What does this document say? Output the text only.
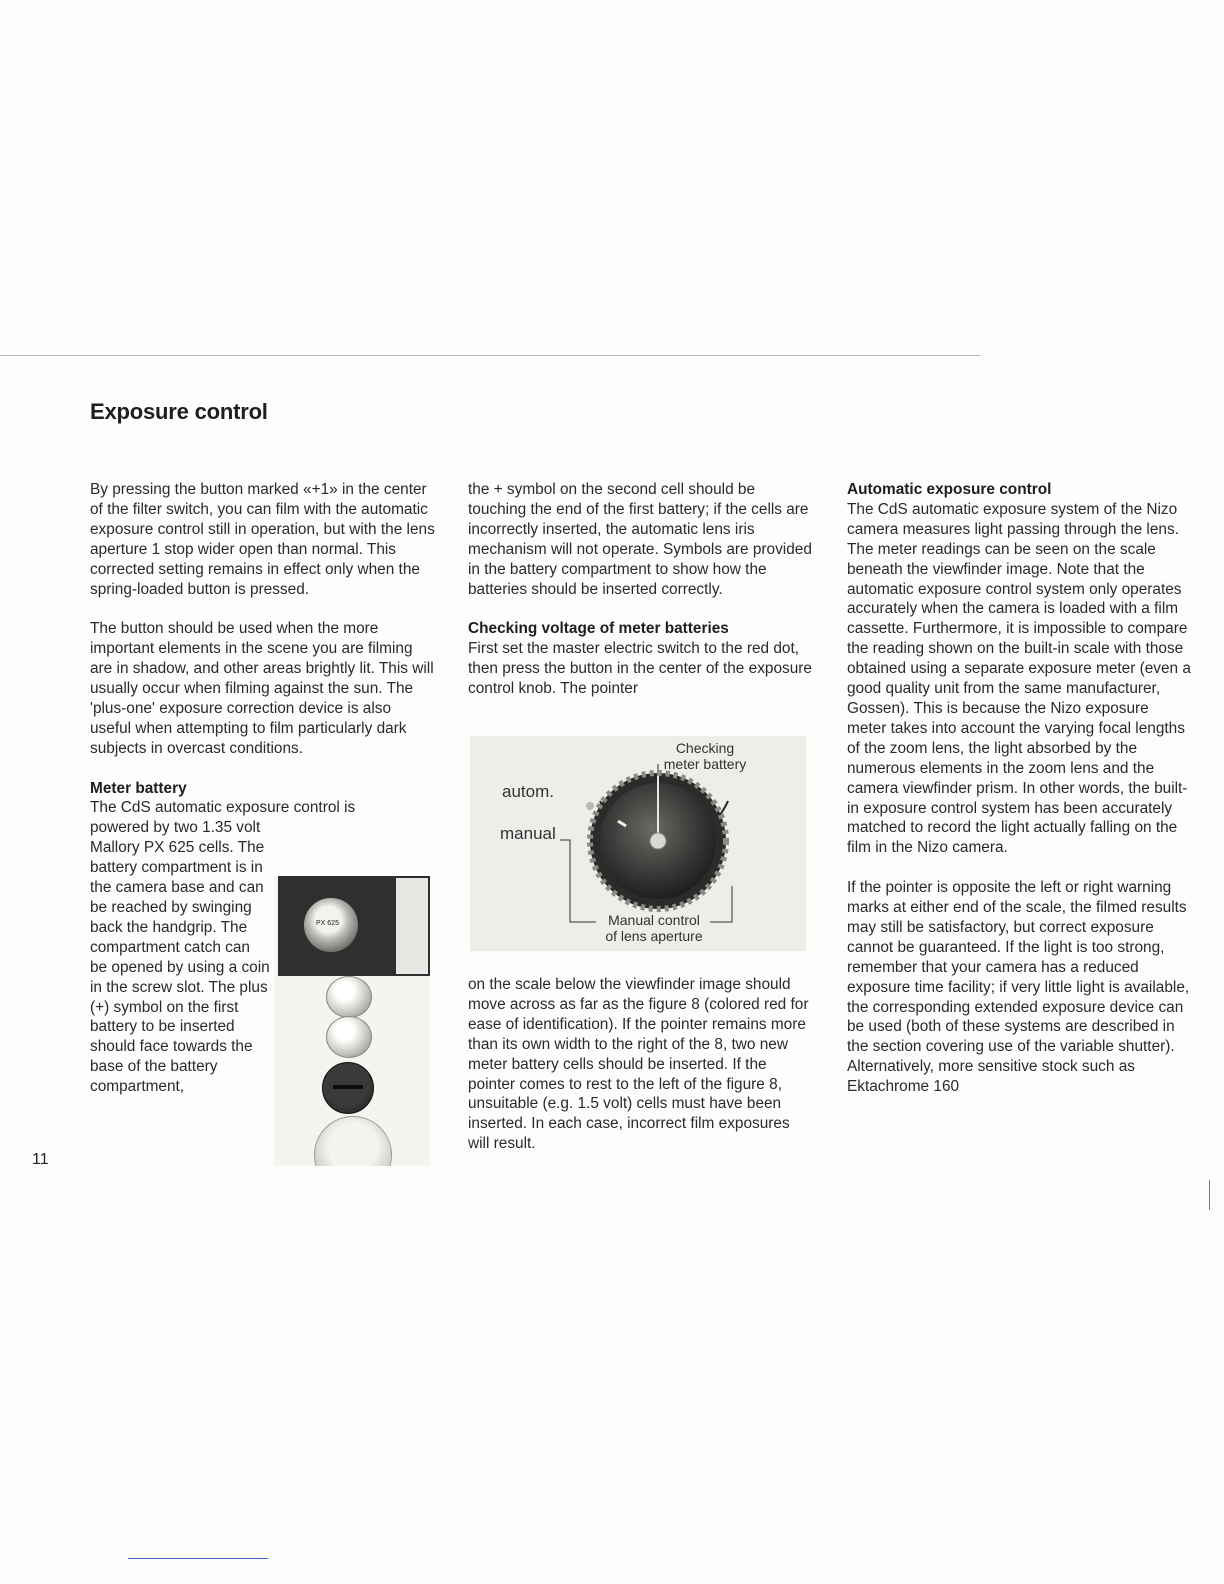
Exposure control

By pressing the button marked «+1» in the center of the filter switch, you can film with the automatic exposure control still in operation, but with the lens aperture 1 stop wider open than normal. This corrected setting remains in effect only when the spring-loaded button is pressed.

The button should be used when the more important elements in the scene you are filming are in shadow, and other areas brightly lit. This will usually occur when filming against the sun. The 'plus-one' exposure correction device is also useful when attempting to film particularly dark subjects in overcast conditions.

Meter battery

The CdS automatic exposure control is

powered by two 1.35 volt Mallory PX 625 cells. The battery compartment is in the camera base and can be reached by swinging back the handgrip. The compartment catch can be opened by using a coin in the screw slot. The plus (+) symbol on the first battery to be inserted should face towards the base of the battery compartment,

PX 625

the + symbol on the second cell should be touching the end of the first battery; if the cells are incorrectly inserted, the automatic lens iris mechanism will not operate. Symbols are provided in the battery compartment to show how the batteries should be inserted correctly.

Checking voltage of meter batteries

First set the master electric switch to the red dot, then press the button in the center of the exposure control knob. The pointer

Checking
meter battery
autom.
manual
Manual control
of lens aperture

on the scale below the viewfinder image should move across as far as the figure 8 (colored red for ease of identification). If the pointer remains more than its own width to the right of the 8, two new meter battery cells should be inserted. If the pointer comes to rest to the left of the figure 8, unsuitable (e.g. 1.5 volt) cells must have been inserted. In each case, incorrect film exposures will result.

Automatic exposure control

The CdS automatic exposure system of the Nizo camera measures light passing through the lens. The meter readings can be seen on the scale beneath the viewfinder image. Note that the automatic exposure control system only operates accurately when the camera is loaded with a film cassette. Furthermore, it is impossible to compare the reading shown on the built-in scale with those obtained using a separate exposure meter (even a good quality unit from the same manufacturer, Gossen). This is because the Nizo exposure meter takes into account the varying focal lengths of the zoom lens, the light absorbed by the numerous elements in the zoom lens and the camera viewfinder prism. In other words, the built-in exposure control system has been accurately matched to record the light actually falling on the film in the Nizo camera.

If the pointer is opposite the left or right warning marks at either end of the scale, the filmed results may still be satisfactory, but correct exposure cannot be guaranteed. If the light is too strong, remember that your camera has a reduced exposure time facility; if very little light is available, the corresponding extended exposure device can be used (both of these systems are described in the section covering use of the variable shutter). Alternatively, more sensitive stock such as Ektachrome 160

11
